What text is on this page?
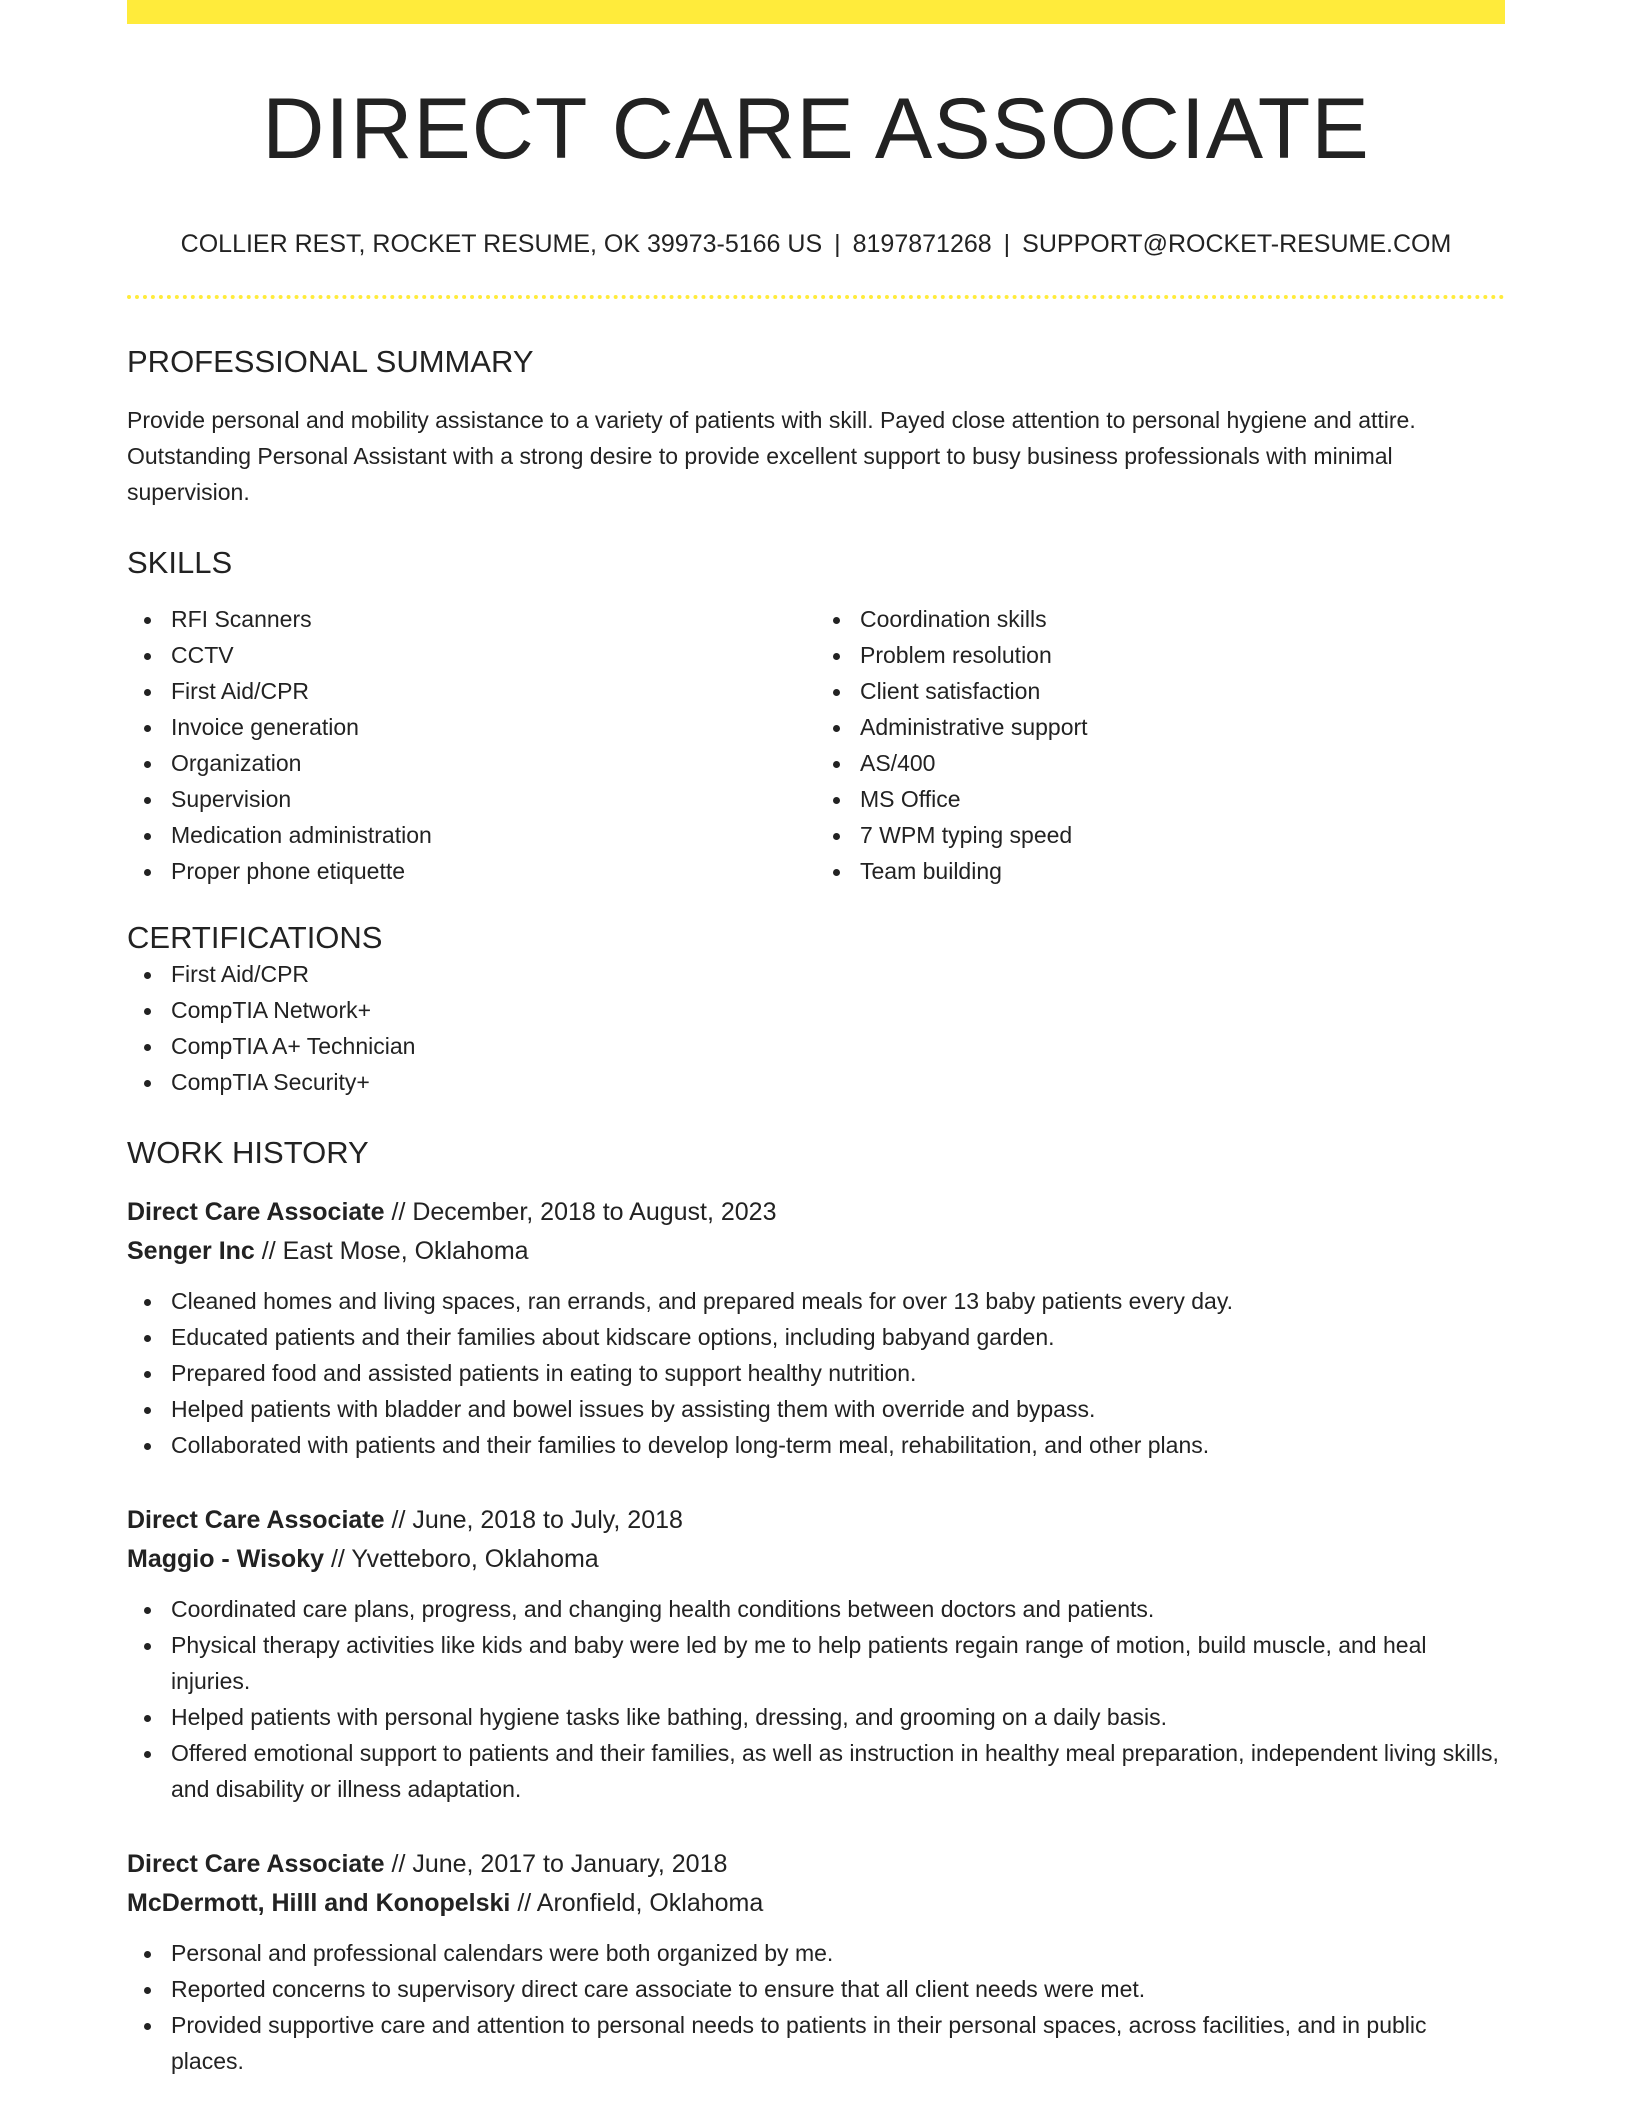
DIRECT CARE ASSOCIATE
COLLIER REST, ROCKET RESUME, OK 39973-5166 US | 8197871268 | SUPPORT@ROCKET-RESUME.COM
PROFESSIONAL SUMMARY

Provide personal and mobility assistance to a variety of patients with skill. Payed close attention to personal hygiene and attire. Outstanding Personal Assistant with a strong desire to provide excellent support to busy business professionals with minimal supervision.

SKILLS
RFI Scanners
CCTV
First Aid/CPR
Invoice generation
Organization
Supervision
Medication administration
Proper phone etiquette
Coordination skills
Problem resolution
Client satisfaction
Administrative support
AS/400
MS Office
7 WPM typing speed
Team building
CERTIFICATIONS
First Aid/CPR
CompTIA Network+
CompTIA A+ Technician
CompTIA Security+
WORK HISTORY
Direct Care Associate // December, 2018 to August, 2023
Senger Inc // East Mose, Oklahoma
Cleaned homes and living spaces, ran errands, and prepared meals for over 13 baby patients every day.
Educated patients and their families about kidscare options, including babyand garden.
Prepared food and assisted patients in eating to support healthy nutrition.
Helped patients with bladder and bowel issues by assisting them with override and bypass.
Collaborated with patients and their families to develop long-term meal, rehabilitation, and other plans.
Direct Care Associate // June, 2018 to July, 2018
Maggio - Wisoky // Yvetteboro, Oklahoma
Coordinated care plans, progress, and changing health conditions between doctors and patients.
Physical therapy activities like kids and baby were led by me to help patients regain range of motion, build muscle, and heal injuries.
Helped patients with personal hygiene tasks like bathing, dressing, and grooming on a daily basis.
Offered emotional support to patients and their families, as well as instruction in healthy meal preparation, independent living skills, and disability or illness adaptation.
Direct Care Associate // June, 2017 to January, 2018
McDermott, Hilll and Konopelski // Aronfield, Oklahoma
Personal and professional calendars were both organized by me.
Reported concerns to supervisory direct care associate to ensure that all client needs were met.
Provided supportive care and attention to personal needs to patients in their personal spaces, across facilities, and in public places.
